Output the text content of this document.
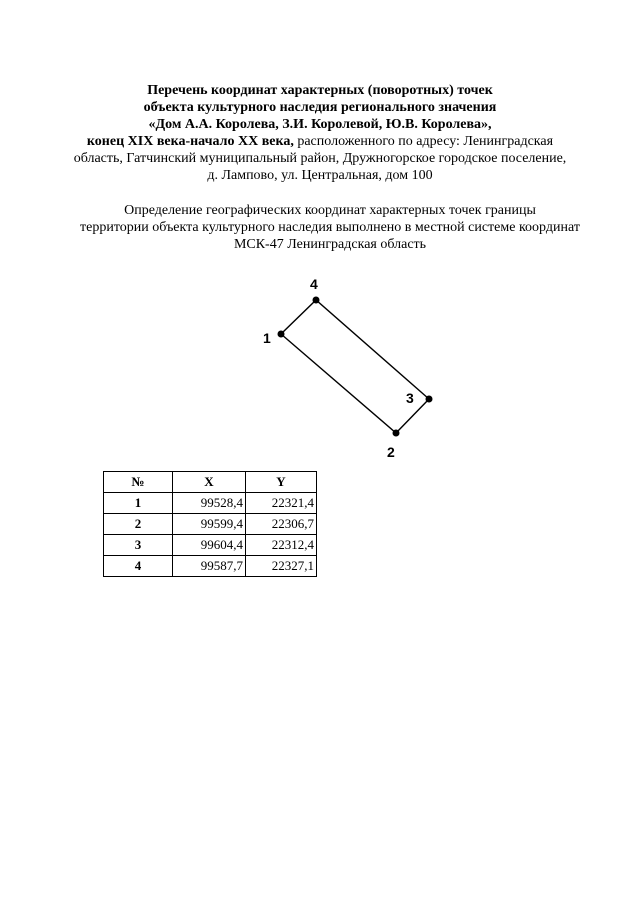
Перечень координат характерных (поворотных) точек
объекта культурного наследия регионального значения
«Дом А.А. Королева, З.И. Королевой, Ю.В. Королева»,
конец XIX века-начало XX века, расположенного по адресу: Ленинградская
область, Гатчинский муниципальный район, Дружногорское городское поселение,
д. Лампово, ул. Центральная, дом 100
Определение географических координат характерных точек границы
территории объекта культурного наследия выполнено в местной системе координат
МСК-47 Ленинградская область
1
2
3
4
№	X	Y
1	99528,4	22321,4
2	99599,4	22306,7
3	99604,4	22312,4
4	99587,7	22327,1
